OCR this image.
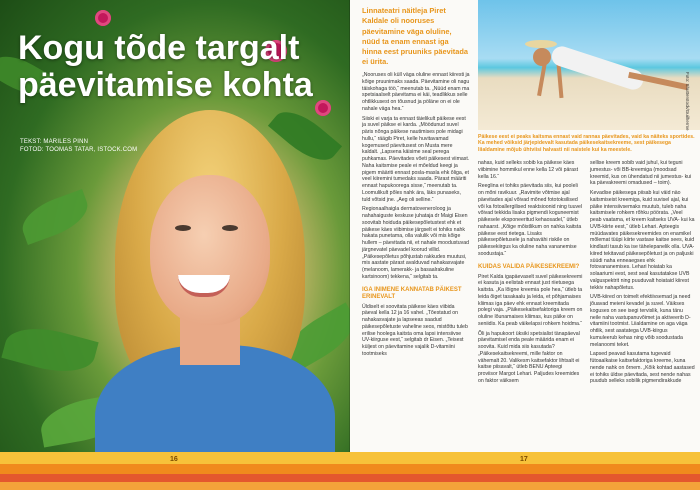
Kogu tõde targalt päevitamise kohta
TEKST: MARILES PINN
FOTOD: TOOMAS TATAR, ISTOCK.COM

Linnateatri näitleja Piret Kaldale oli nooruses päevitamine väga oluline, nüüd ta enam ennast iga hinna eest pruuniks päevitada ei ürita.

Foto: Shutterstock/Guilherme

Päikese eest ei peaks kaitsma ennast vaid rannas päevitades, vaid ka näiteks sportides. Ka mehed võiksid järjepidevalt kasutada päikesekaitsekreeme, sest päikesega liialdamine mõjub ühtviisi halvasti nii naistele kui ka meestele.

„Nooruses oli küll väga oluline ennast kiiresti ja kõige pruunimaks saada. Päevitamine oli nagu täiskohaga töö,“ meenutab ta. „Nüüd enam ma spetsiaalselt päevitama ei käi, teadlikkus selle ohtlikkusest on tõusnud ja pöläne on ei ole nahale väga hea.“

Siiski ei varja ta ennast täielikult päikese eest ja suvel päikse ei karda. „Möödunud suvel päris nõnga päikese nautimises pole midagi hullu,“ räägib Piret, kelle huvitavamad kogemused päevitusest on Musta mere kaldalt. „Lapsena käisime seal perega puhkamas. Päevitades võeti päikesest viimast. Naha kaitsmise peale ei mõeldud keegi ja pigem määriti ennast posla-masla ehk õliga, et veel kiiremini tumedaks saada. Pärast määriti ennast hapukoorega sisse,“ meenutab ta. Loomulikult põles nahk ära, läks punaseks, tuld võtsid jne. „Aeg oli selline.“

Regionaalhaigla dermatoveneroloog ja nahahaiguste keskuse juhataja dr Maigi Eisen soovitab hoiduda päikesepõletustest ehk et päikese käes viibimise järgselt ei tohiks nahk hakata punetama, olla valulik või mis kõige hullem – päevitada nii, et nahale moodustuvad järgnevatel päevadel koorud villid. „Päikesepõletus põhjustab rakkudes muutusi, mis aastate pärast avalduvad nahakasvajate (melanoom, lamerakk- ja basaalrakuline kartsinoom) tekkena,“ selgitab ta.

IGA INIMENE KANNATAB PÄIKEST ERINEVALT

Üldiselt ei soovitata päikese käes viibida päeval kella 12 ja 16 vahel. „Tõestatud on nahakasvajate ja lapseeas saadud päikesepõletuste vaheline seos, mistõttu tuleb erilise hoolega kaitsta oma lapsi intensiivse UV-kiirguse eest,“ selgitab dr Eisen. „Teisest küljest on päevitamine vajalik D-vitamiini tootmiseks

nahas, kuid selleks sobib ka päikese käes viibimine hommikul enne kella 12 või pärast kella 16.“

Reeglina ei tohiks päevitada siis, kui pooleli on mõni ravikuur. „Ravimite võtmise ajal päevitades ajal võivad mõned fototoksilised või ka fotoallergilised reaktsioonid ning tuuvel võivad tekkida lisaks pigmendi koguneemist päikesele eksponeeritud kehaosadel,“ ütleb nahaarst. „Kõige mõistlikum on nahka kaitsta päikese eest rietega. Lisaks päikesepõletusele ja nahavähi riskile on päikesekiirgus ka oluline naha vananemise soodustaja.“

KUIDAS VALIDA PÄIKESEKREEMI?

Piret Kalda igapäevaselt suvel päikesekreemi ei kasuta ja eelistab ennast just riietusega kaitsta. „Ka lõigne kreemia pole hea,“ ütleb ta leida õiget tasakaalu ja leida, et põhjamaises kliimas iga päev ehk ennast kreemitada polegi vaja. „Päikesekaitsefaktoriga kreem on oluline lõunamaises kliimas, kus päike on seniidis. Ka peab väikelapsi rohkem hoidma.“

Õli ja hapukoort üksiki spetsialist tänapäeval päevitamisel enda peale määrida enam ei soovita. Kuid mida siis kasutada? „Päikesekaitsekreemi, mille faktor on vähemalt 20. Valikesm kaitsefaktor lihtsalt ei kaitse piisavalt,“ ütleb BENU Apteegi proviisor Margot Lehari. Paljudes kreemides on faktor väiksem

sellise kreem sobib vaid juhul, kui teguni jumestus- või BB-kreemiga (moodsad kreemid, kus on ühendatud nii jumestus- kui ka päevakreemi omadused – toim).

Kevadise päikesega piisab kui väid näo kaitsmiseist kreemiga, kuid suvisel ajal, kui päike intensiivsemaks muutub, tuleb naha kaitsmisele rohkem rõhku pöörata. „Veel peab vaatama, et kreem kaitseks UVA- kui ka UVB-kiirte eest,“ ütleb Lehari. Apteegis müüdavates päikesekreemides on enamikel mõlemat tüüpi kiirte vastase kaitse sees, kuid kindlasti tasub ka ise tähelepanelik olla. UVA-kiired tekitavad päikesepõletust ja on paljuski süüdi naha enneaegses ehk fotovananemises. Lehari hoiatab ka solaariumi eest, sest seal kasutatakse UVB valguspektrit ning puuduvalt hoiataid kiirest tekkiv nahapõletus.

UVB-kiired on toimelt efektiivsemad ja need jõuavad meieni kevadel ja suvel. Väikses koguses on see isegi tervislik, kuna tänu neile naha vastupanuvõimet ja aktiveerib D-vitamiini tootmist. Liialdamine on aga väga ohtlik, sest asatatega UVB-kiirgus kumuleerub kehas ning võib soodustada melanoomi teket.

Lapsed peavad kasutama tugevaid fütoaalkaise kaitsefaktoriga kreeme, kuna nende nahk on õrnem. „Kõik kohtad aastased ei tohiks üldse päevitada, sest nende nahas puudub selleks sobilik pigmendirakkude

16	17
